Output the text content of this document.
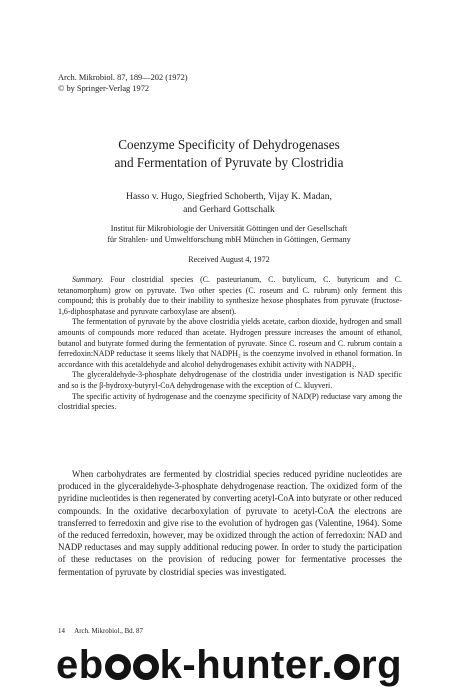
Arch. Mikrobiol. 87, 189—202 (1972)
© by Springer-Verlag 1972
Coenzyme Specificity of Dehydrogenases
and Fermentation of Pyruvate by Clostridia
Hasso v. Hugo, Siegfried Schoberth, Vijay K. Madan,
and Gerhard Gottschalk
Institut für Mikrobiologie der Universität Göttingen und der Gesellschaft
für Strahlen- und Umweltforschung mbH München in Göttingen, Germany
Received August 4, 1972

Summary. Four clostridial species (C. pasteurianum, C. butylicum, C. butyricum and C. tetanomorphum) grow on pyruvate. Two other species (C. roseum and C. rubrum) only ferment this compound; this is probably due to their inability to synthesize hexose phosphates from pyruvate (fructose-1,6-diphosphatase and pyruvate carboxylase are absent).

The fermentation of pyruvate by the above clostridia yields acetate, carbon dioxide, hydrogen and small amounts of compounds more reduced than acetate. Hydrogen pressure increases the amount of ethanol, butanol and butyrate formed during the fermentation of pyruvate. Since C. roseum and C. rubrum contain a ferredoxin:NADP reductase it seems likely that NADPH₂ is the coenzyme involved in ethanol formation. In accordance with this acetaldehyde and alcohol dehydrogenases exhibit activity with NADPH₂.

The glyceraldehyde-3-phosphate dehydrogenase of the clostridia under investigation is NAD specific and so is the β-hydroxy-butyryl-CoA dehydrogenase with the exception of C. kluyveri.

The specific activity of hydrogenase and the coenzyme specificity of NAD(P) reductase vary among the clostridial species.

When carbohydrates are fermented by clostridial species reduced pyridine nucleotides are produced in the glyceraldehyde-3-phosphate dehydrogenase reaction. The oxidized form of the pyridine nucleotides is then regenerated by converting acetyl-CoA into butyrate or other reduced compounds. In the oxidative decarboxylation of pyruvate to acetyl-CoA the electrons are transferred to ferredoxin and give rise to the evolution of hydrogen gas (Valentine, 1964). Some of the reduced ferredoxin, however, may be oxidized through the action of ferredoxin: NAD and NADP reductases and may supply additional reducing power. In order to study the participation of these reductases on the provision of reducing power for fermentative processes the fermentation of pyruvate by clostridial species was investigated.

14 Arch. Mikrobiol., Bd. 87
eb k-hunter. rg
